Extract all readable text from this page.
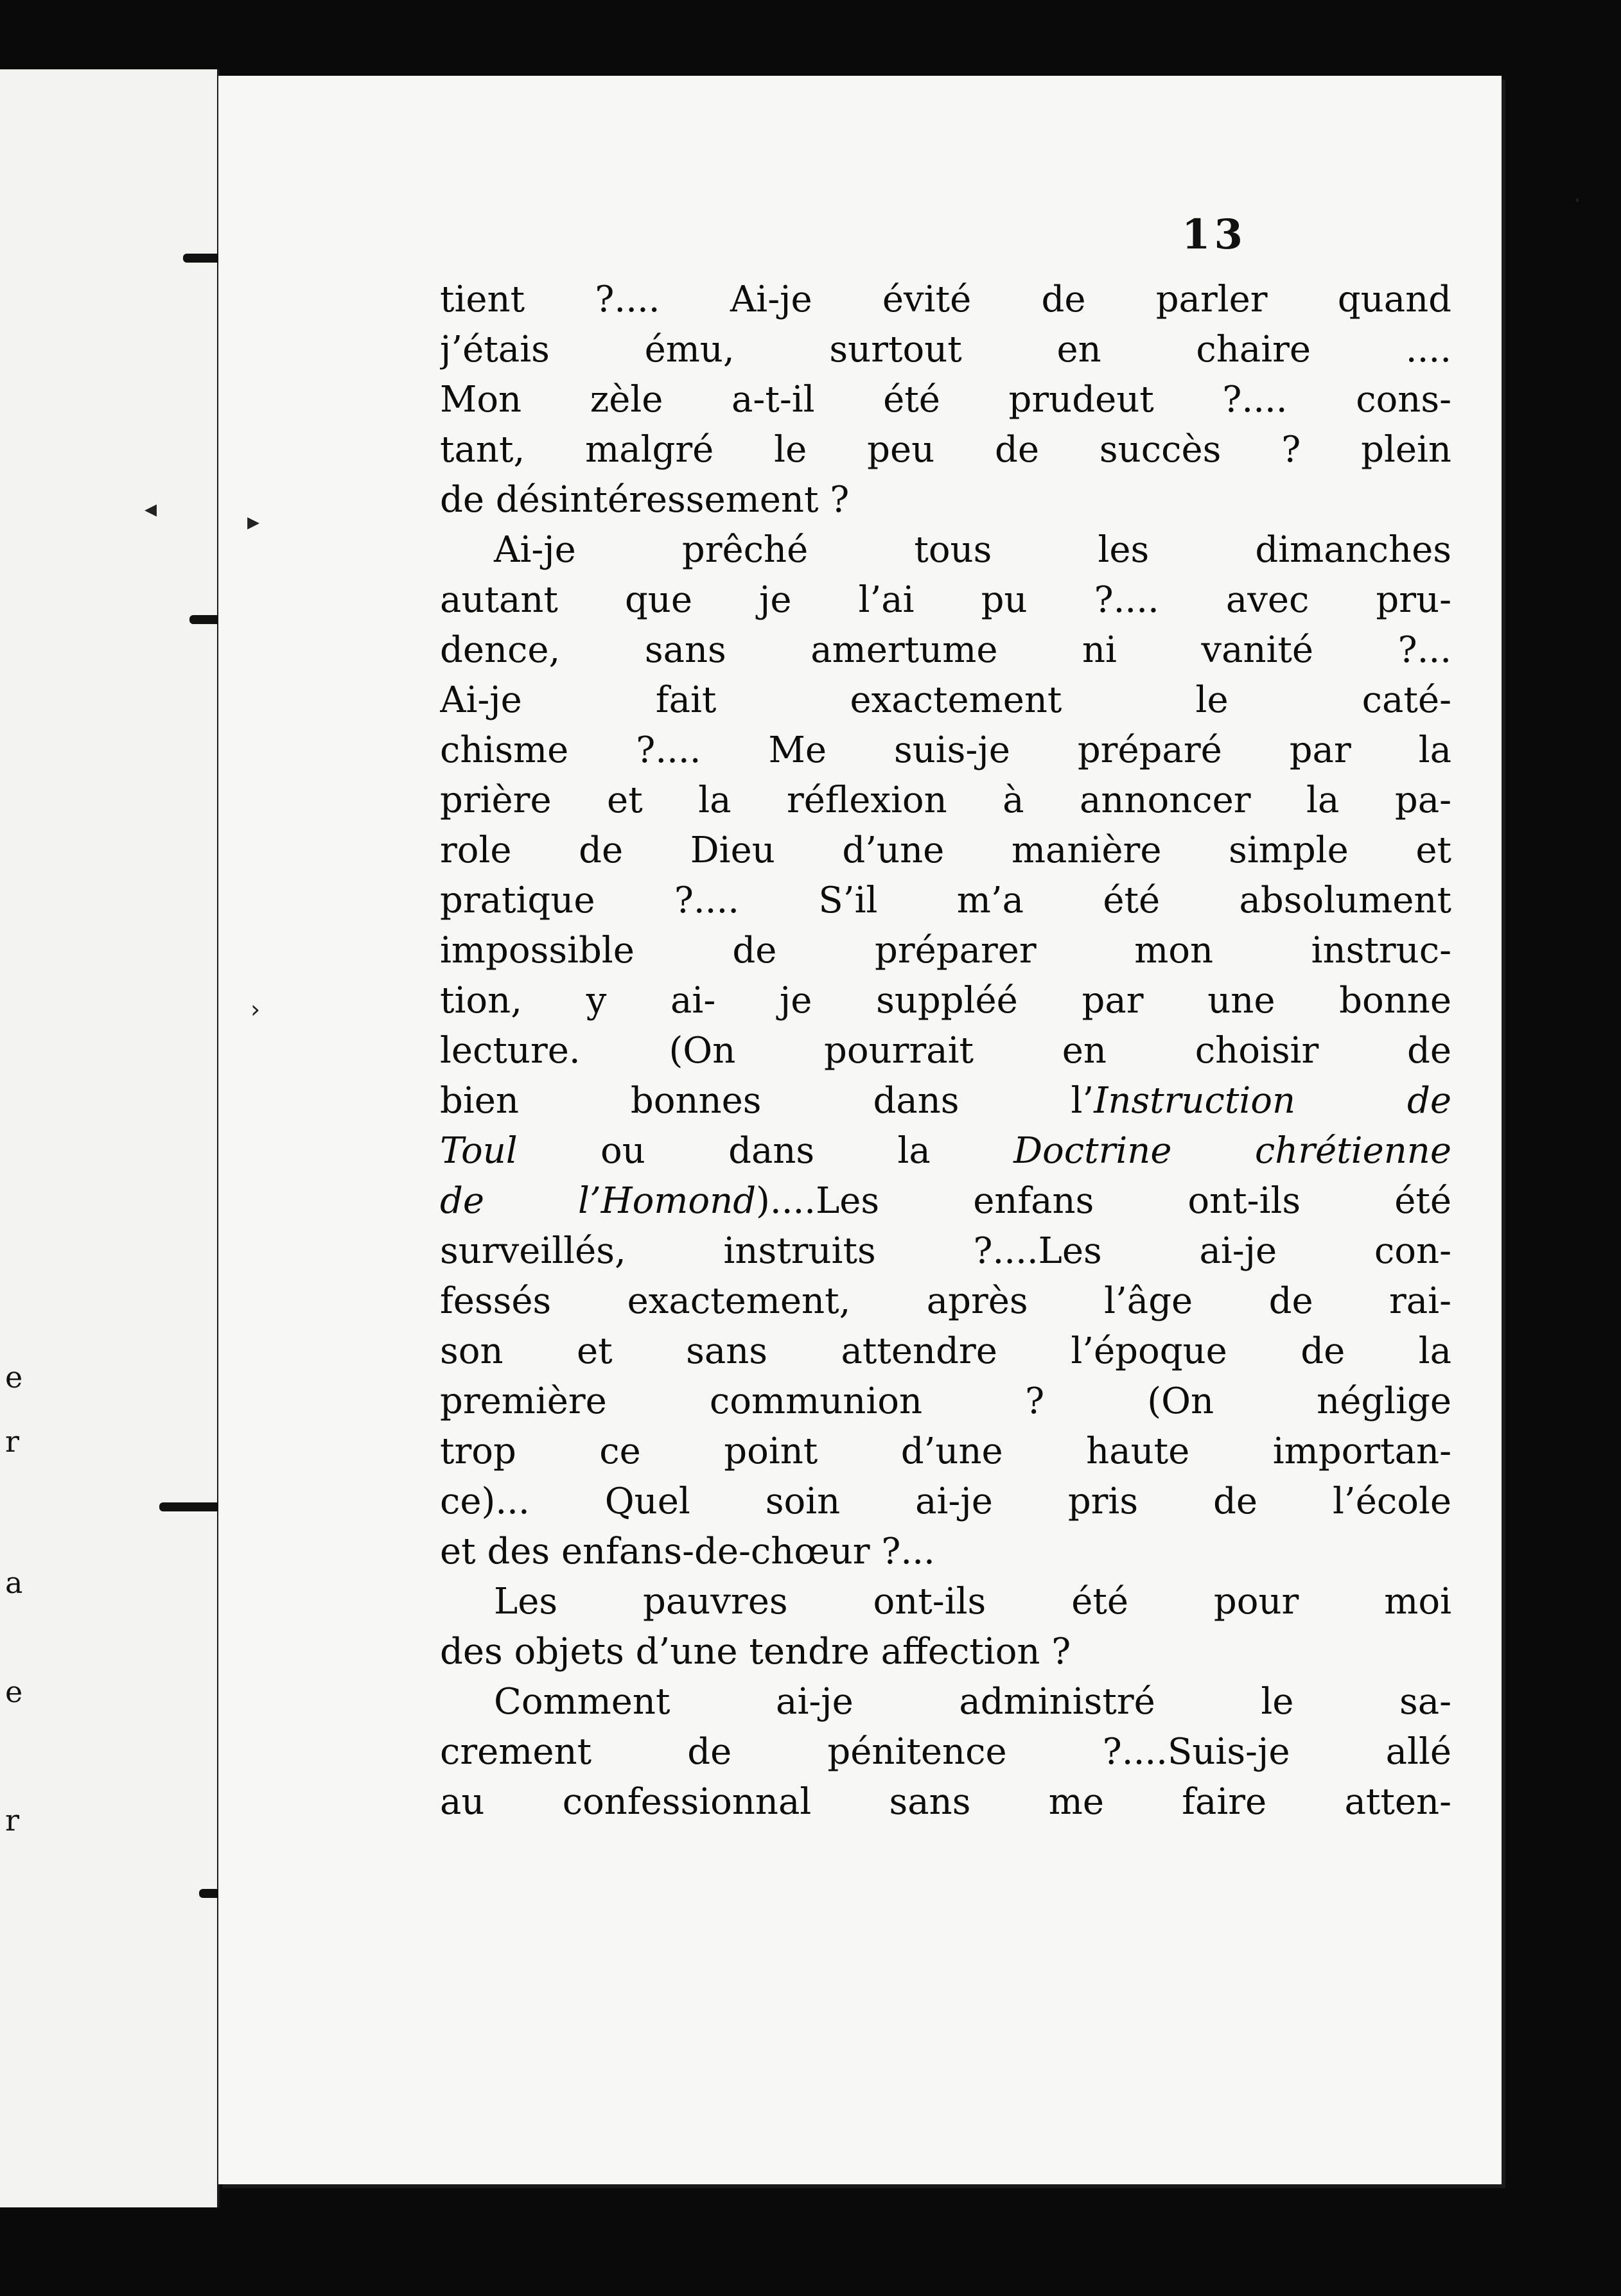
e
r
a
e
r
13
tient ?.... Ai-je évité de parler quand
j’étais ému, surtout en chaire ....
Mon zèle a-t-il été prudeut ?.... cons-
tant, malgré le peu de succès ? plein
de désintéressement ?
Ai-je prêché tous les dimanches
autant que je l’ai pu ?.... avec pru-
dence, sans amertume ni vanité ?...
Ai-je fait exactement le caté-
chisme ?.... Me suis-je préparé par la
prière et la réflexion à annoncer la pa-
role de Dieu d’une manière simple et
pratique ?.... S’il m’a été absolument
impossible de préparer mon instruc-
tion, y ai- je suppléé par une bonne
lecture. (On pourrait en choisir de
bien bonnes dans l’Instruction de
Toul ou dans la Doctrine chrétienne
de l’Homond)....Les enfans ont-ils été
surveillés, instruits ?....Les ai-je con-
fessés exactement, après l’âge de rai-
son et sans attendre l’époque de la
première communion ? (On néglige
trop ce point d’une haute importan-
ce)... Quel soin ai-je pris de l’école
et des enfans-de-chœur ?...
Les pauvres ont-ils été pour moi
des objets d’une tendre affection ?
Comment ai-je administré le sa-
crement de pénitence ?....Suis-je allé
au confessionnal sans me faire atten-
◂	▸
›
·
